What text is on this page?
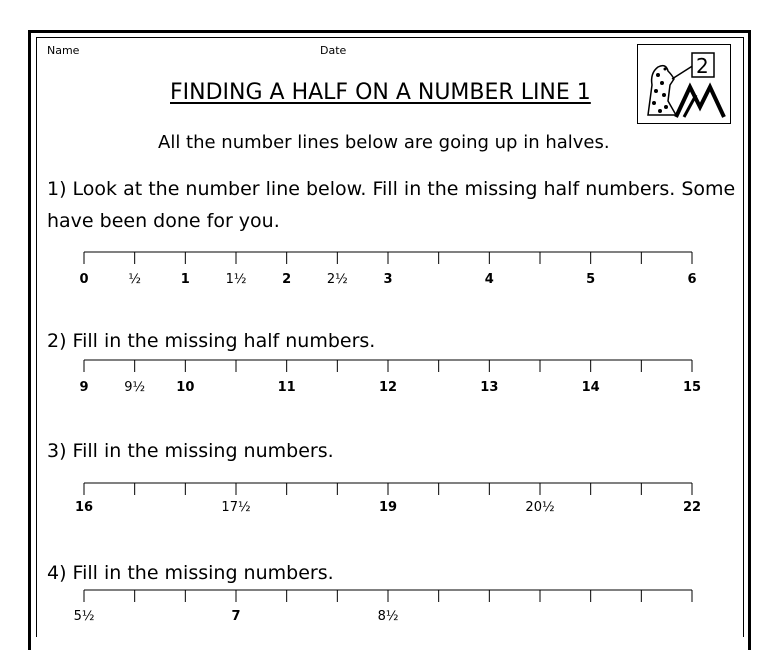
Name	Date
2
FINDING A HALF ON A NUMBER LINE 1
All the number lines below are going up in halves.
1) Look at the number line below. Fill in the missing half numbers. Some
have been done for you.
2) Fill in the missing half numbers.
3) Fill in the missing numbers.
4) Fill in the missing numbers.
0	½	1	1½	2	2½	3	4	5	6
9	9½ 10	11	12	13	14	15
16	17½	19	20½	22
5½	7	8½
